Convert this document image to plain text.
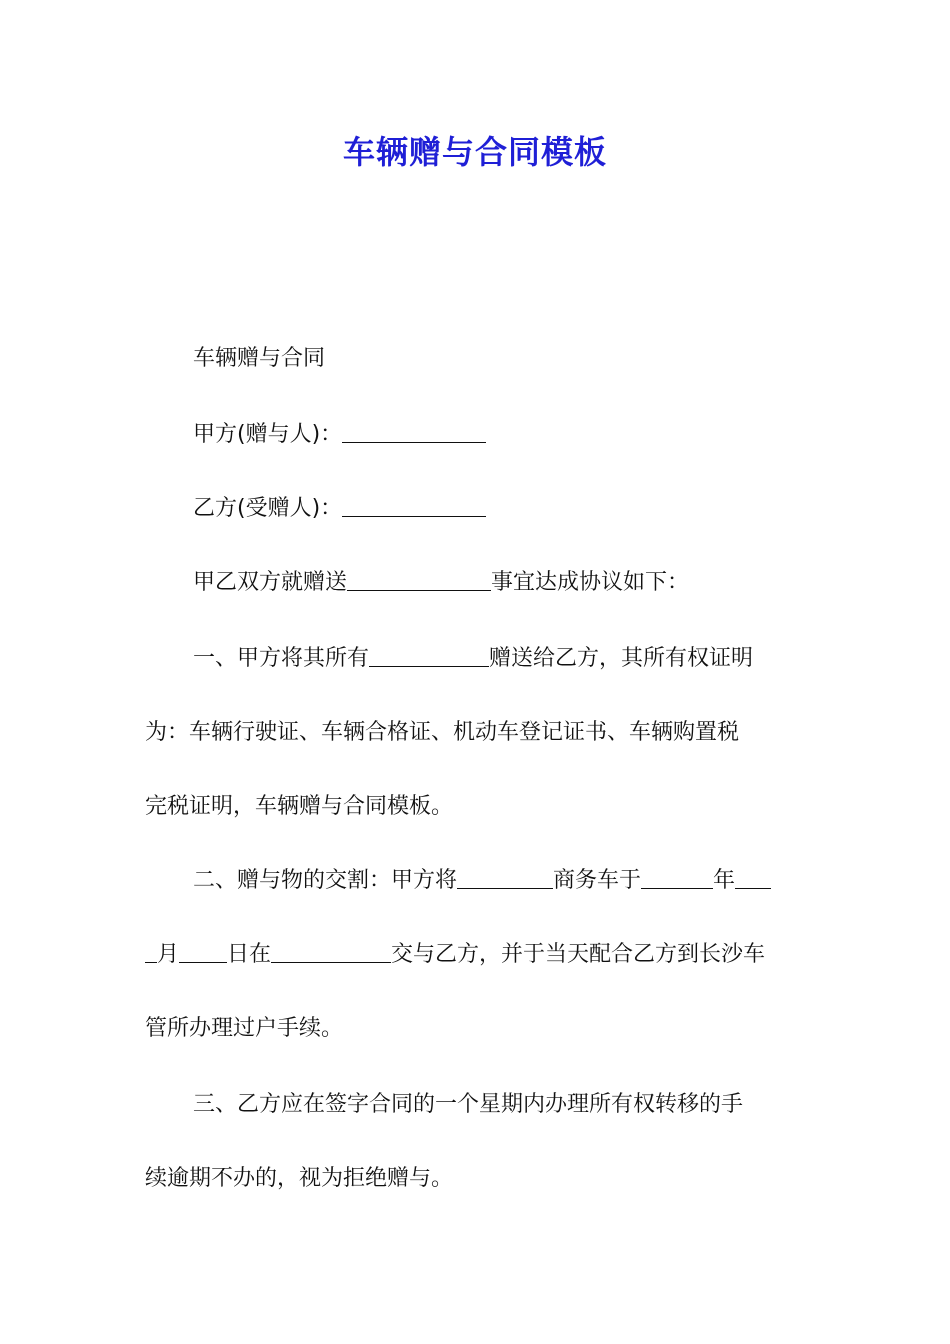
车辆赠与合同模板
车辆赠与合同
甲方(赠与人)：
乙方(受赠人)：
甲乙双方就赠送	事宜达成协议如下：
一、甲方将其所有	赠送给乙方，其所有权证明
为：车辆行驶证、车辆合格证、机动车登记证书、车辆购置税
完税证明，车辆赠与合同模板。
二、赠与物的交割：甲方将	商务车于	年
月 日在	交与乙方，并于当天配合乙方到长沙车
管所办理过户手续。
三、乙方应在签字合同的一个星期内办理所有权转移的手
续逾期不办的，视为拒绝赠与。
